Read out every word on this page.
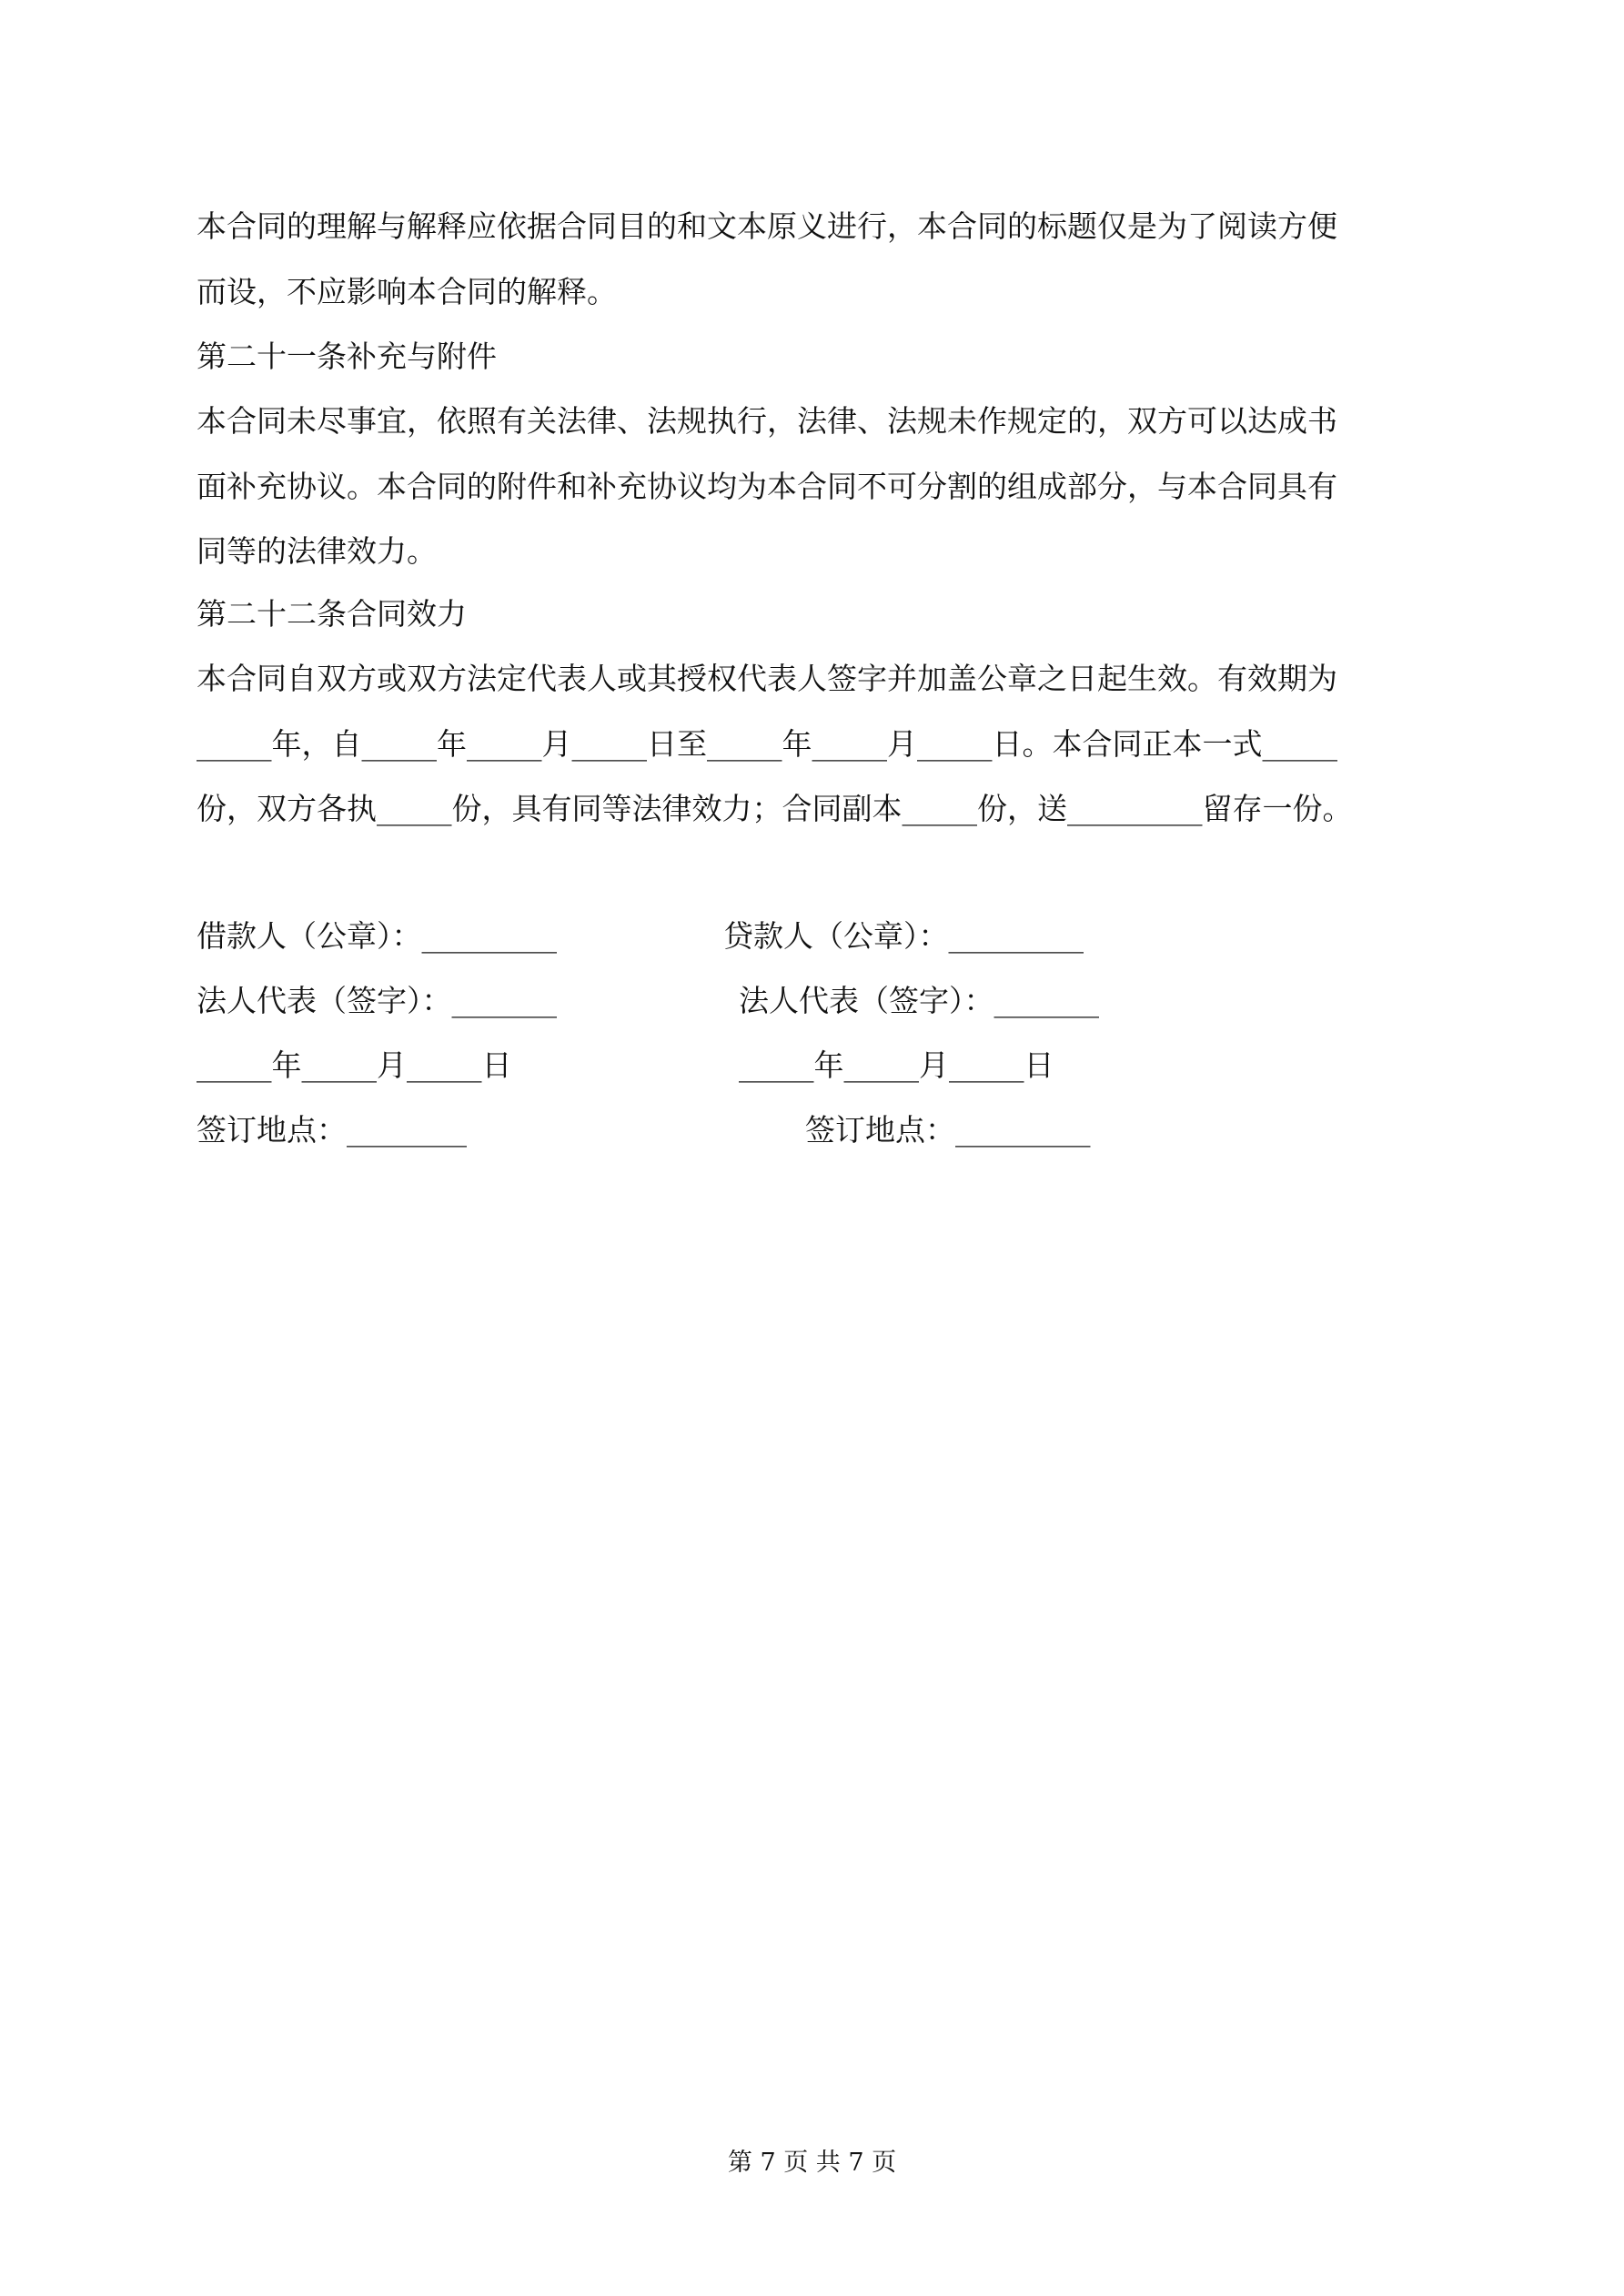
本合同的理解与解释应依据合同目的和文本原义进行，本合同的标题仅是为了阅读方便

而设，不应影响本合同的解释。

第二十一条补充与附件

本合同未尽事宜，依照有关法律、法规执行，法律、法规未作规定的，双方可以达成书

面补充协议。本合同的附件和补充协议均为本合同不可分割的组成部分，与本合同具有

同等的法律效力。

第二十二条合同效力

本合同自双方或双方法定代表人或其授权代表人签字并加盖公章之日起生效。有效期为

_____年，自_____年_____月_____日至_____年_____月_____日。本合同正本一式_____

份，双方各执_____份，具有同等法律效力；合同副本_____份，送_________留存一份。

借款人（公章）：_________
法人代表（签字）：_______
_____年_____月_____日
签订地点：________
贷款人（公章）：_________
法人代表（签字）：_______
_____年_____月_____日
签订地点：_________
第 7 页 共 7 页
